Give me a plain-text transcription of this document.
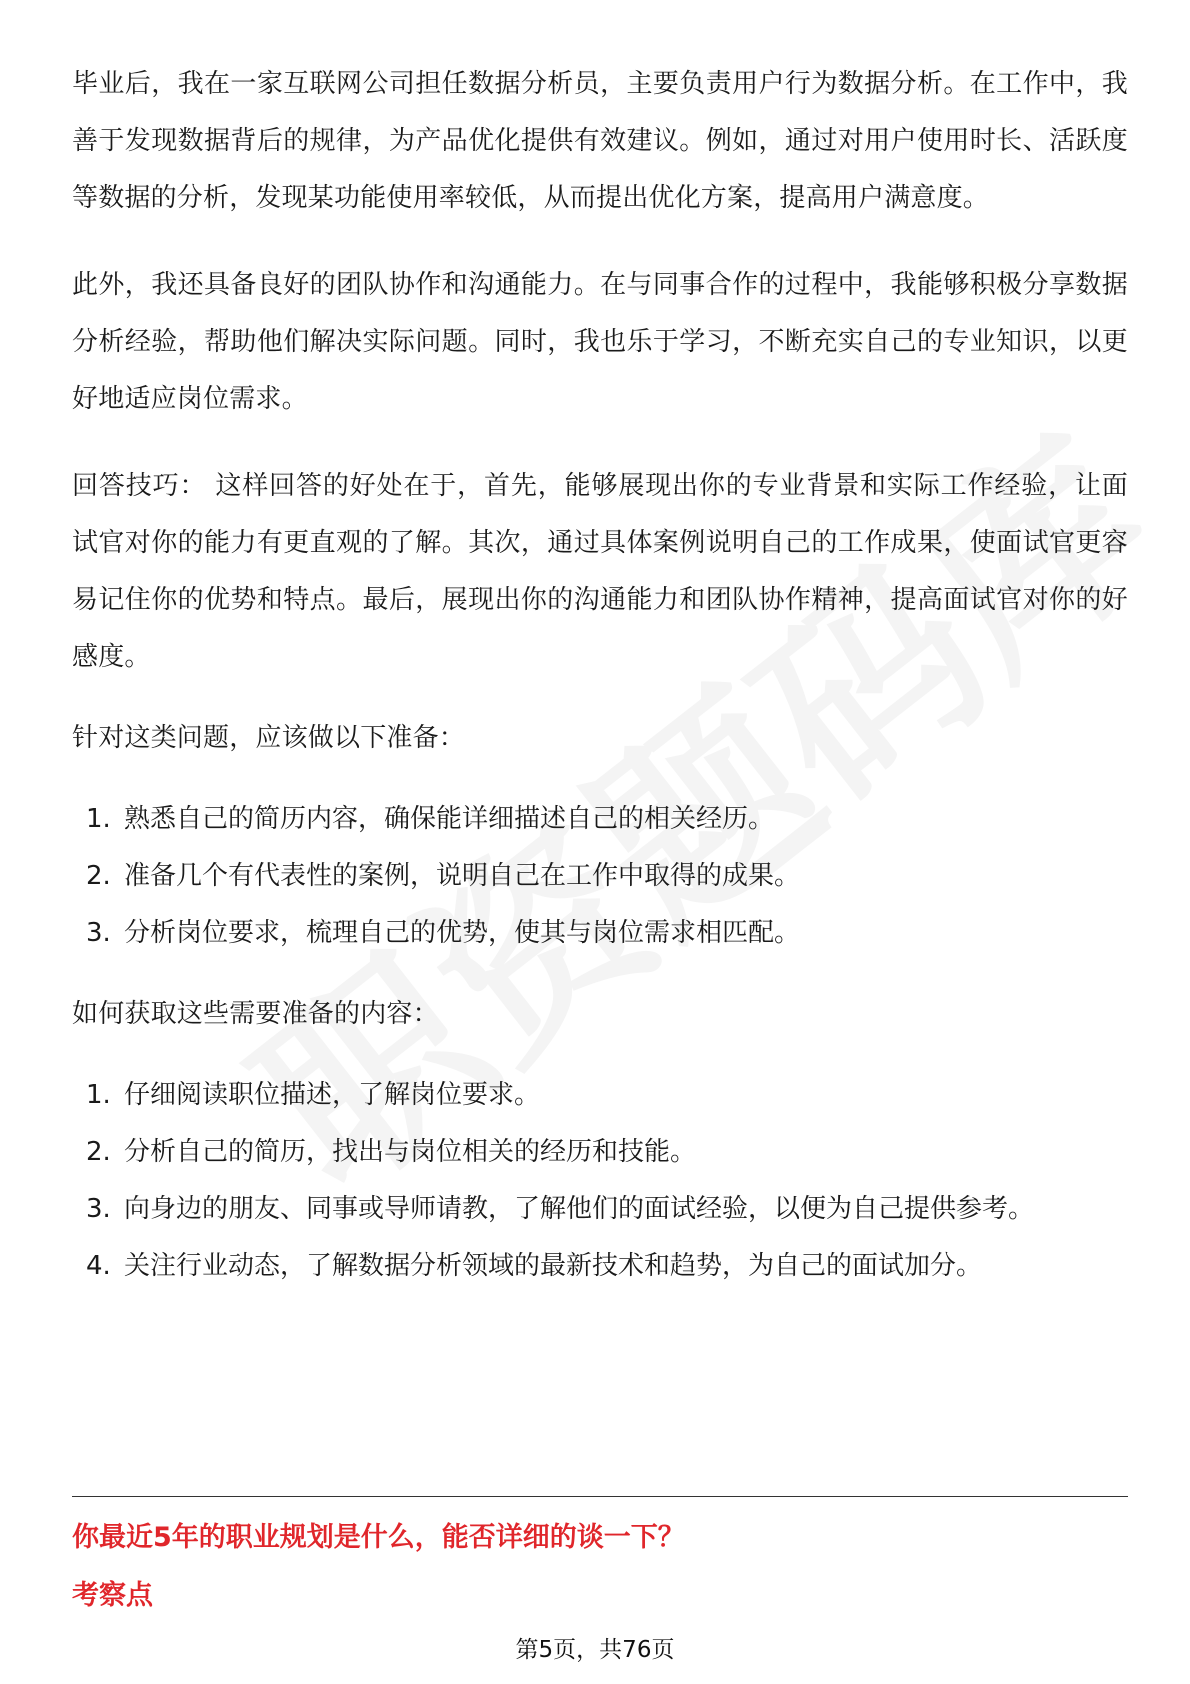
毕业后，我在一家互联网公司担任数据分析员，主要负责用户行为数据分析。在工作中，我善于发现数据背后的规律，为产品优化提供有效建议。例如，通过对用户使用时长、活跃度等数据的分析，发现某功能使用率较低，从而提出优化方案，提高用户满意度。

此外，我还具备良好的团队协作和沟通能力。在与同事合作的过程中，我能够积极分享数据分析经验，帮助他们解决实际问题。同时，我也乐于学习，不断充实自己的专业知识，以更好地适应岗位需求。

回答技巧： 这样回答的好处在于，首先，能够展现出你的专业背景和实际工作经验，让面试官对你的能力有更直观的了解。其次，通过具体案例说明自己的工作成果，使面试官更容易记住你的优势和特点。最后，展现出你的沟通能力和团队协作精神，提高面试官对你的好感度。

针对这类问题，应该做以下准备：

1. 熟悉自己的简历内容，确保能详细描述自己的相关经历。
2. 准备几个有代表性的案例，说明自己在工作中取得的成果。
3. 分析岗位要求，梳理自己的优势，使其与岗位需求相匹配。

如何获取这些需要准备的内容：

1. 仔细阅读职位描述，了解岗位要求。
2. 分析自己的简历，找出与岗位相关的经历和技能。
3. 向身边的朋友、同事或导师请教，了解他们的面试经验，以便为自己提供参考。
4. 关注行业动态，了解数据分析领域的最新技术和趋势，为自己的面试加分。
你最近5年的职业规划是什么，能否详细的谈一下？
考察点
第5页，共76页
